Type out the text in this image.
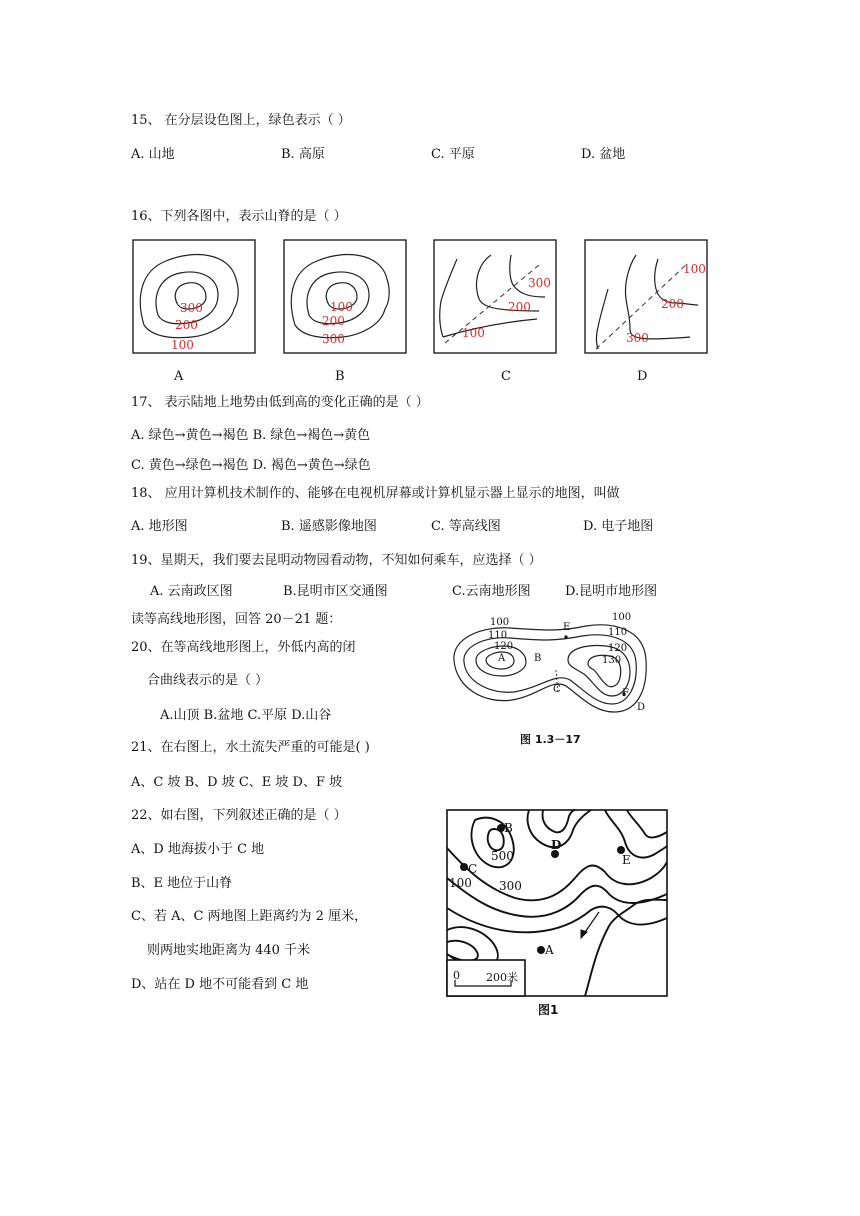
15、 在分层设色图上，绿色表示（ ）
A. 山地	B. 高原	C. 平原	D. 盆地
16、下列各图中，表示山脊的是（ ）
300
200
100
A
100
200
300
B
300
200
100
C
100
200
300
D
17、 表示陆地上地势由低到高的变化正确的是（ ）
A. 绿色→黄色→褐色 B. 绿色→褐色→黄色
C. 黄色→绿色→褐色 D. 褐色→黄色→绿色
18、 应用计算机技术制作的、能够在电视机屏幕或计算机显示器上显示的地图，叫做
A. 地形图	B. 遥感影像地图	C. 等高线图	D. 电子地图
19、星期天，我们要去昆明动物园看动物，不知如何乘车，应选择（ ）
A. 云南政区图	B.昆明市区交通图	C.云南地形图	D.昆明市地形图
读等高线地形图，回答 20－21 题：
20、在等高线地形图上，外低内高的闭
合曲线表示的是（ ）
A.山顶 B.盆地 C.平原 D.山谷
21、在右图上，水土流失严重的可能是( )
A、C 坡 B、D 坡 C、E 坡 D、F 坡
100
110
120
A	B
E
100
110
120
130
C	F
D
图 1.3－17
22、如右图，下列叙述正确的是（ ）
A、D 地海拔小于 C 地
B、E 地位于山脊
C、若 A、C 两地图上距离约为 2 厘米，
则两地实地距离为 440 千米
D、站在 D 地不可能看到 C 地
B
500
D
E
C
100 300
A
0 200米
图1
